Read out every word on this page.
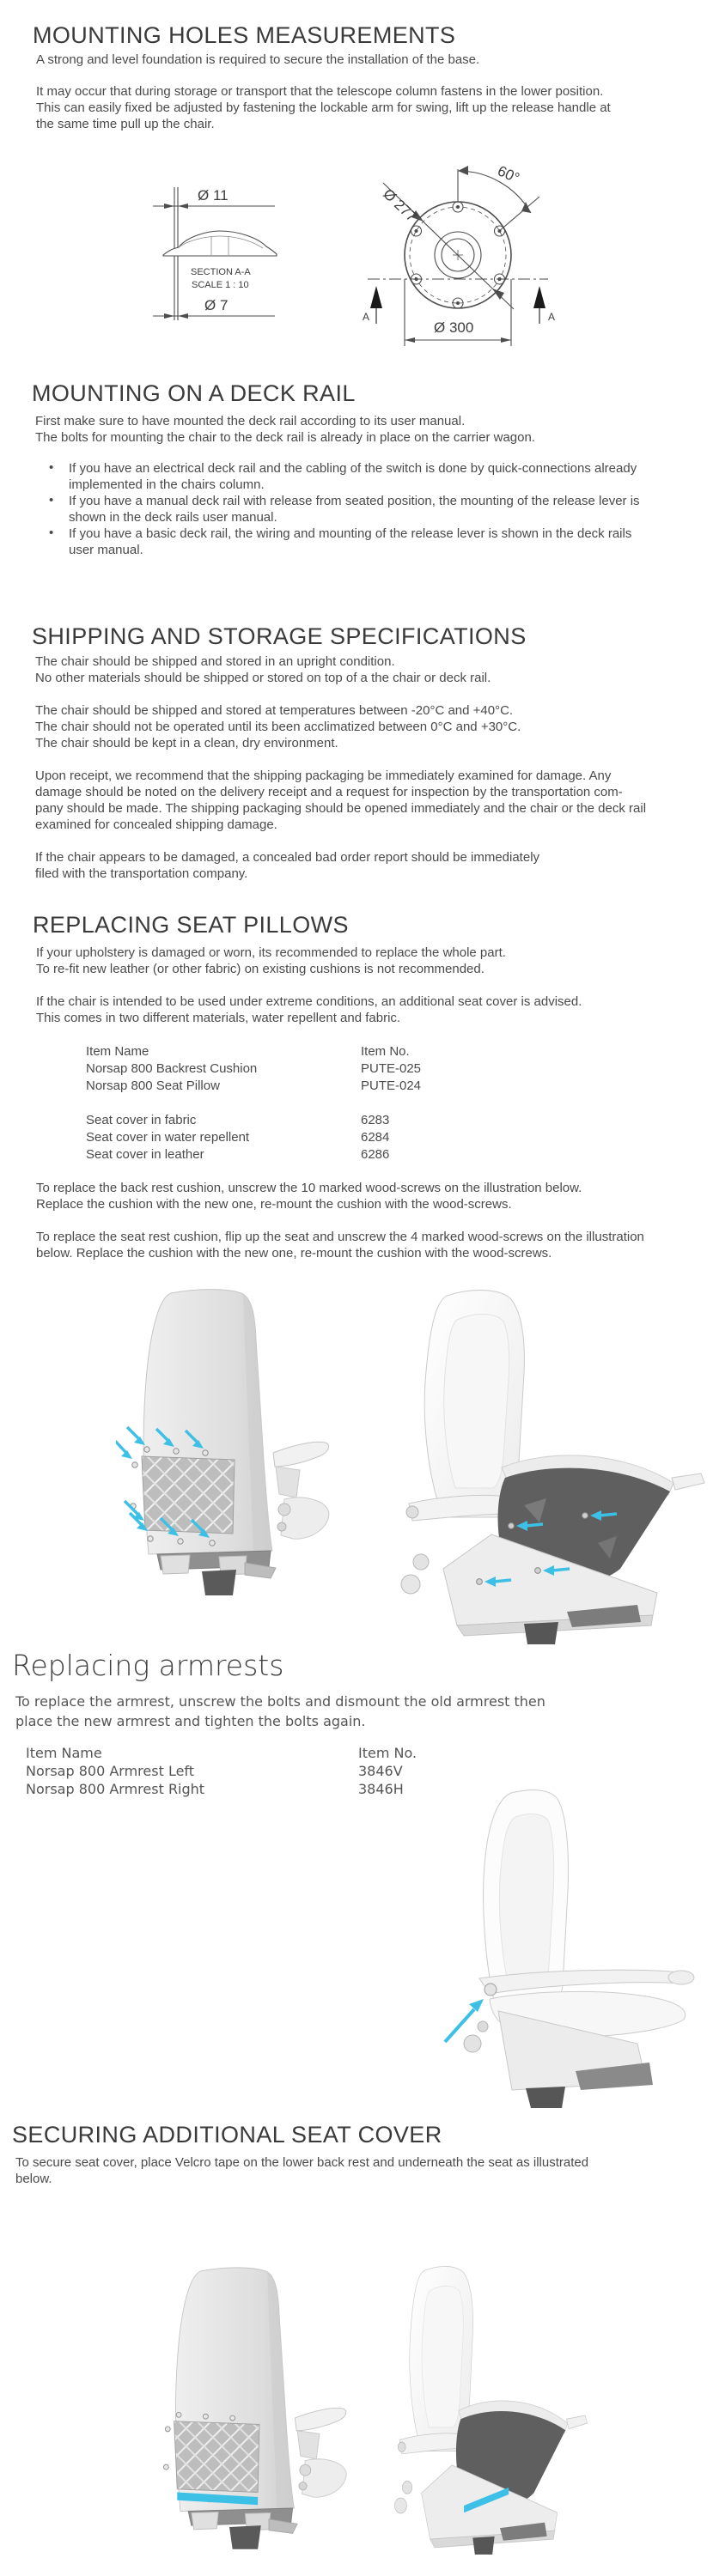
MOUNTING HOLES MEASUREMENTS
A strong and level foundation is required to secure the installation of the base.
It may occur that during storage or transport that the telescope column fastens in the lower position.
This can easily fixed be adjusted by fastening the lockable arm for swing, lift up the release handle at
the same time pull up the chair.
Ø 11
SECTION A-A
SCALE 1 : 10
Ø 7
Ø 277
60°
Ø 300
A	A
MOUNTING ON A DECK RAIL
First make sure to have mounted the deck rail according to its user manual.
The bolts for mounting the chair to the deck rail is already in place on the carrier wagon.
• If you have an electrical deck rail and the cabling of the switch is done by quick-connections already
implemented in the chairs column.
• If you have a manual deck rail with release from seated position, the mounting of the release lever is
shown in the deck rails user manual.
• If you have a basic deck rail, the wiring and mounting of the release lever is shown in the deck rails
user manual.
SHIPPING AND STORAGE SPECIFICATIONS
The chair should be shipped and stored in an upright condition.
No other materials should be shipped or stored on top of a the chair or deck rail.
The chair should be shipped and stored at temperatures between -20°C and +40°C.
The chair should not be operated until its been acclimatized between 0°C and +30°C.
The chair should be kept in a clean, dry environment.
Upon receipt, we recommend that the shipping packaging be immediately examined for damage. Any
damage should be noted on the delivery receipt and a request for inspection by the transportation com-
pany should be made. The shipping packaging should be opened immediately and the chair or the deck rail
examined for concealed shipping damage.
If the chair appears to be damaged, a concealed bad order report should be immediately
filed with the transportation company.
REPLACING SEAT PILLOWS
If your upholstery is damaged or worn, its recommended to replace the whole part.
To re-fit new leather (or other fabric) on existing cushions is not recommended.
If the chair is intended to be used under extreme conditions, an additional seat cover is advised.
This comes in two different materials, water repellent and fabric.
Item Name	Item No.
Norsap 800 Backrest Cushion	PUTE-025
Norsap 800 Seat Pillow	PUTE-024
Seat cover in fabric	6283
Seat cover in water repellent	6284
Seat cover in leather	6286
To replace the back rest cushion, unscrew the 10 marked wood-screws on the illustration below.
Replace the cushion with the new one, re-mount the cushion with the wood-screws.
To replace the seat rest cushion, flip up the seat and unscrew the 4 marked wood-screws on the illustration
below. Replace the cushion with the new one, re-mount the cushion with the wood-screws.
Replacing armrests
To replace the armrest, unscrew the bolts and dismount the old armrest then
place the new armrest and tighten the bolts again.
Item Name	Item No.
Norsap 800 Armrest Left	3846V
Norsap 800 Armrest Right	3846H
SECURING ADDITIONAL SEAT COVER
To secure seat cover, place Velcro tape on the lower back rest and underneath the seat as illustrated
below.
